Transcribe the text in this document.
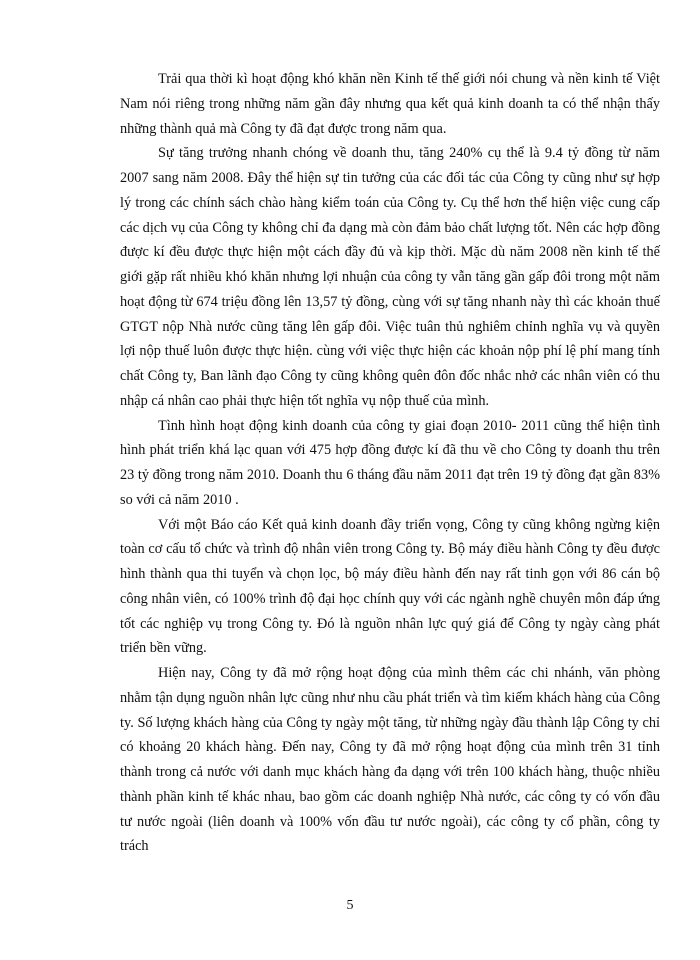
Trải qua thời kì hoạt động khó khăn nền Kinh tế thế giới nói chung và nền kinh tế Việt Nam nói riêng trong những năm gần đây nhưng qua kết quả kinh doanh ta có thể nhận thấy những thành quả mà Công ty đã đạt được trong năm qua.

Sự tăng trưởng nhanh chóng về doanh thu, tăng 240% cụ thể là 9.4 tỷ đồng từ năm 2007 sang năm 2008. Đây thể hiện sự tin tưởng của các đối tác của Công ty cũng như sự hợp lý trong các chính sách chào hàng kiểm toán của Công ty. Cụ thể hơn thể hiện việc cung cấp các dịch vụ của Công ty không chỉ đa dạng mà còn đảm bảo chất lượng tốt. Nên các hợp đồng được kí đều được thực hiện một cách đầy đủ và kịp thời. Mặc dù năm 2008 nền kinh tế thế giới gặp rất nhiều khó khăn nhưng lợi nhuận của công ty vẫn tăng gần gấp đôi trong một năm hoạt động từ 674 triệu đồng lên 13,57 tỷ đồng, cùng với sự tăng nhanh này thì các khoản thuế GTGT nộp Nhà nước cũng tăng lên gấp đôi. Việc tuân thủ nghiêm chỉnh nghĩa vụ và quyền lợi nộp thuế luôn được thực hiện. cùng với việc thực hiện các khoản nộp phí lệ phí mang tính chất Công ty, Ban lãnh đạo Công ty cũng không quên đôn đốc nhắc nhở các nhân viên có thu nhập cá nhân cao phải thực hiện tốt nghĩa vụ nộp thuế của mình.

Tình hình hoạt động kinh doanh của công ty giai đoạn 2010- 2011 cũng thể hiện tình hình phát triển khá lạc quan với 475 hợp đồng được kí đã thu về cho Công ty doanh thu trên 23 tỷ đồng trong năm 2010. Doanh thu 6 tháng đầu năm 2011 đạt trên 19 tỷ đồng đạt gần 83% so với cả năm 2010 .

Với một Báo cáo Kết quả kinh doanh đầy triển vọng, Công ty cũng không ngừng kiện toàn cơ cấu tổ chức và trình độ nhân viên trong Công ty. Bộ máy điều hành Công ty đều được hình thành qua thi tuyển và chọn lọc, bộ máy điều hành đến nay rất tinh gọn với 86 cán bộ công nhân viên, có 100% trình độ đại học chính quy với các ngành nghề chuyên môn đáp ứng tốt các nghiệp vụ trong Công ty. Đó là nguồn nhân lực quý giá để Công ty ngày càng phát triển bền vững.

Hiện nay, Công ty đã mở rộng hoạt động của mình thêm các chi nhánh, văn phòng nhằm tận dụng nguồn nhân lực cũng như nhu cầu phát triển và tìm kiếm khách hàng của Công ty. Số lượng khách hàng của Công ty ngày một tăng, từ những ngày đầu thành lập Công ty chỉ có khoảng 20 khách hàng. Đến nay, Công ty đã mở rộng hoạt động của mình trên 31 tỉnh thành trong cả nước với danh mục khách hàng đa dạng với trên 100 khách hàng, thuộc nhiều thành phần kinh tế khác nhau, bao gồm các doanh nghiệp Nhà nước, các công ty có vốn đầu tư nước ngoài (liên doanh và 100% vốn đầu tư nước ngoài), các công ty cổ phần, công ty trách

5
